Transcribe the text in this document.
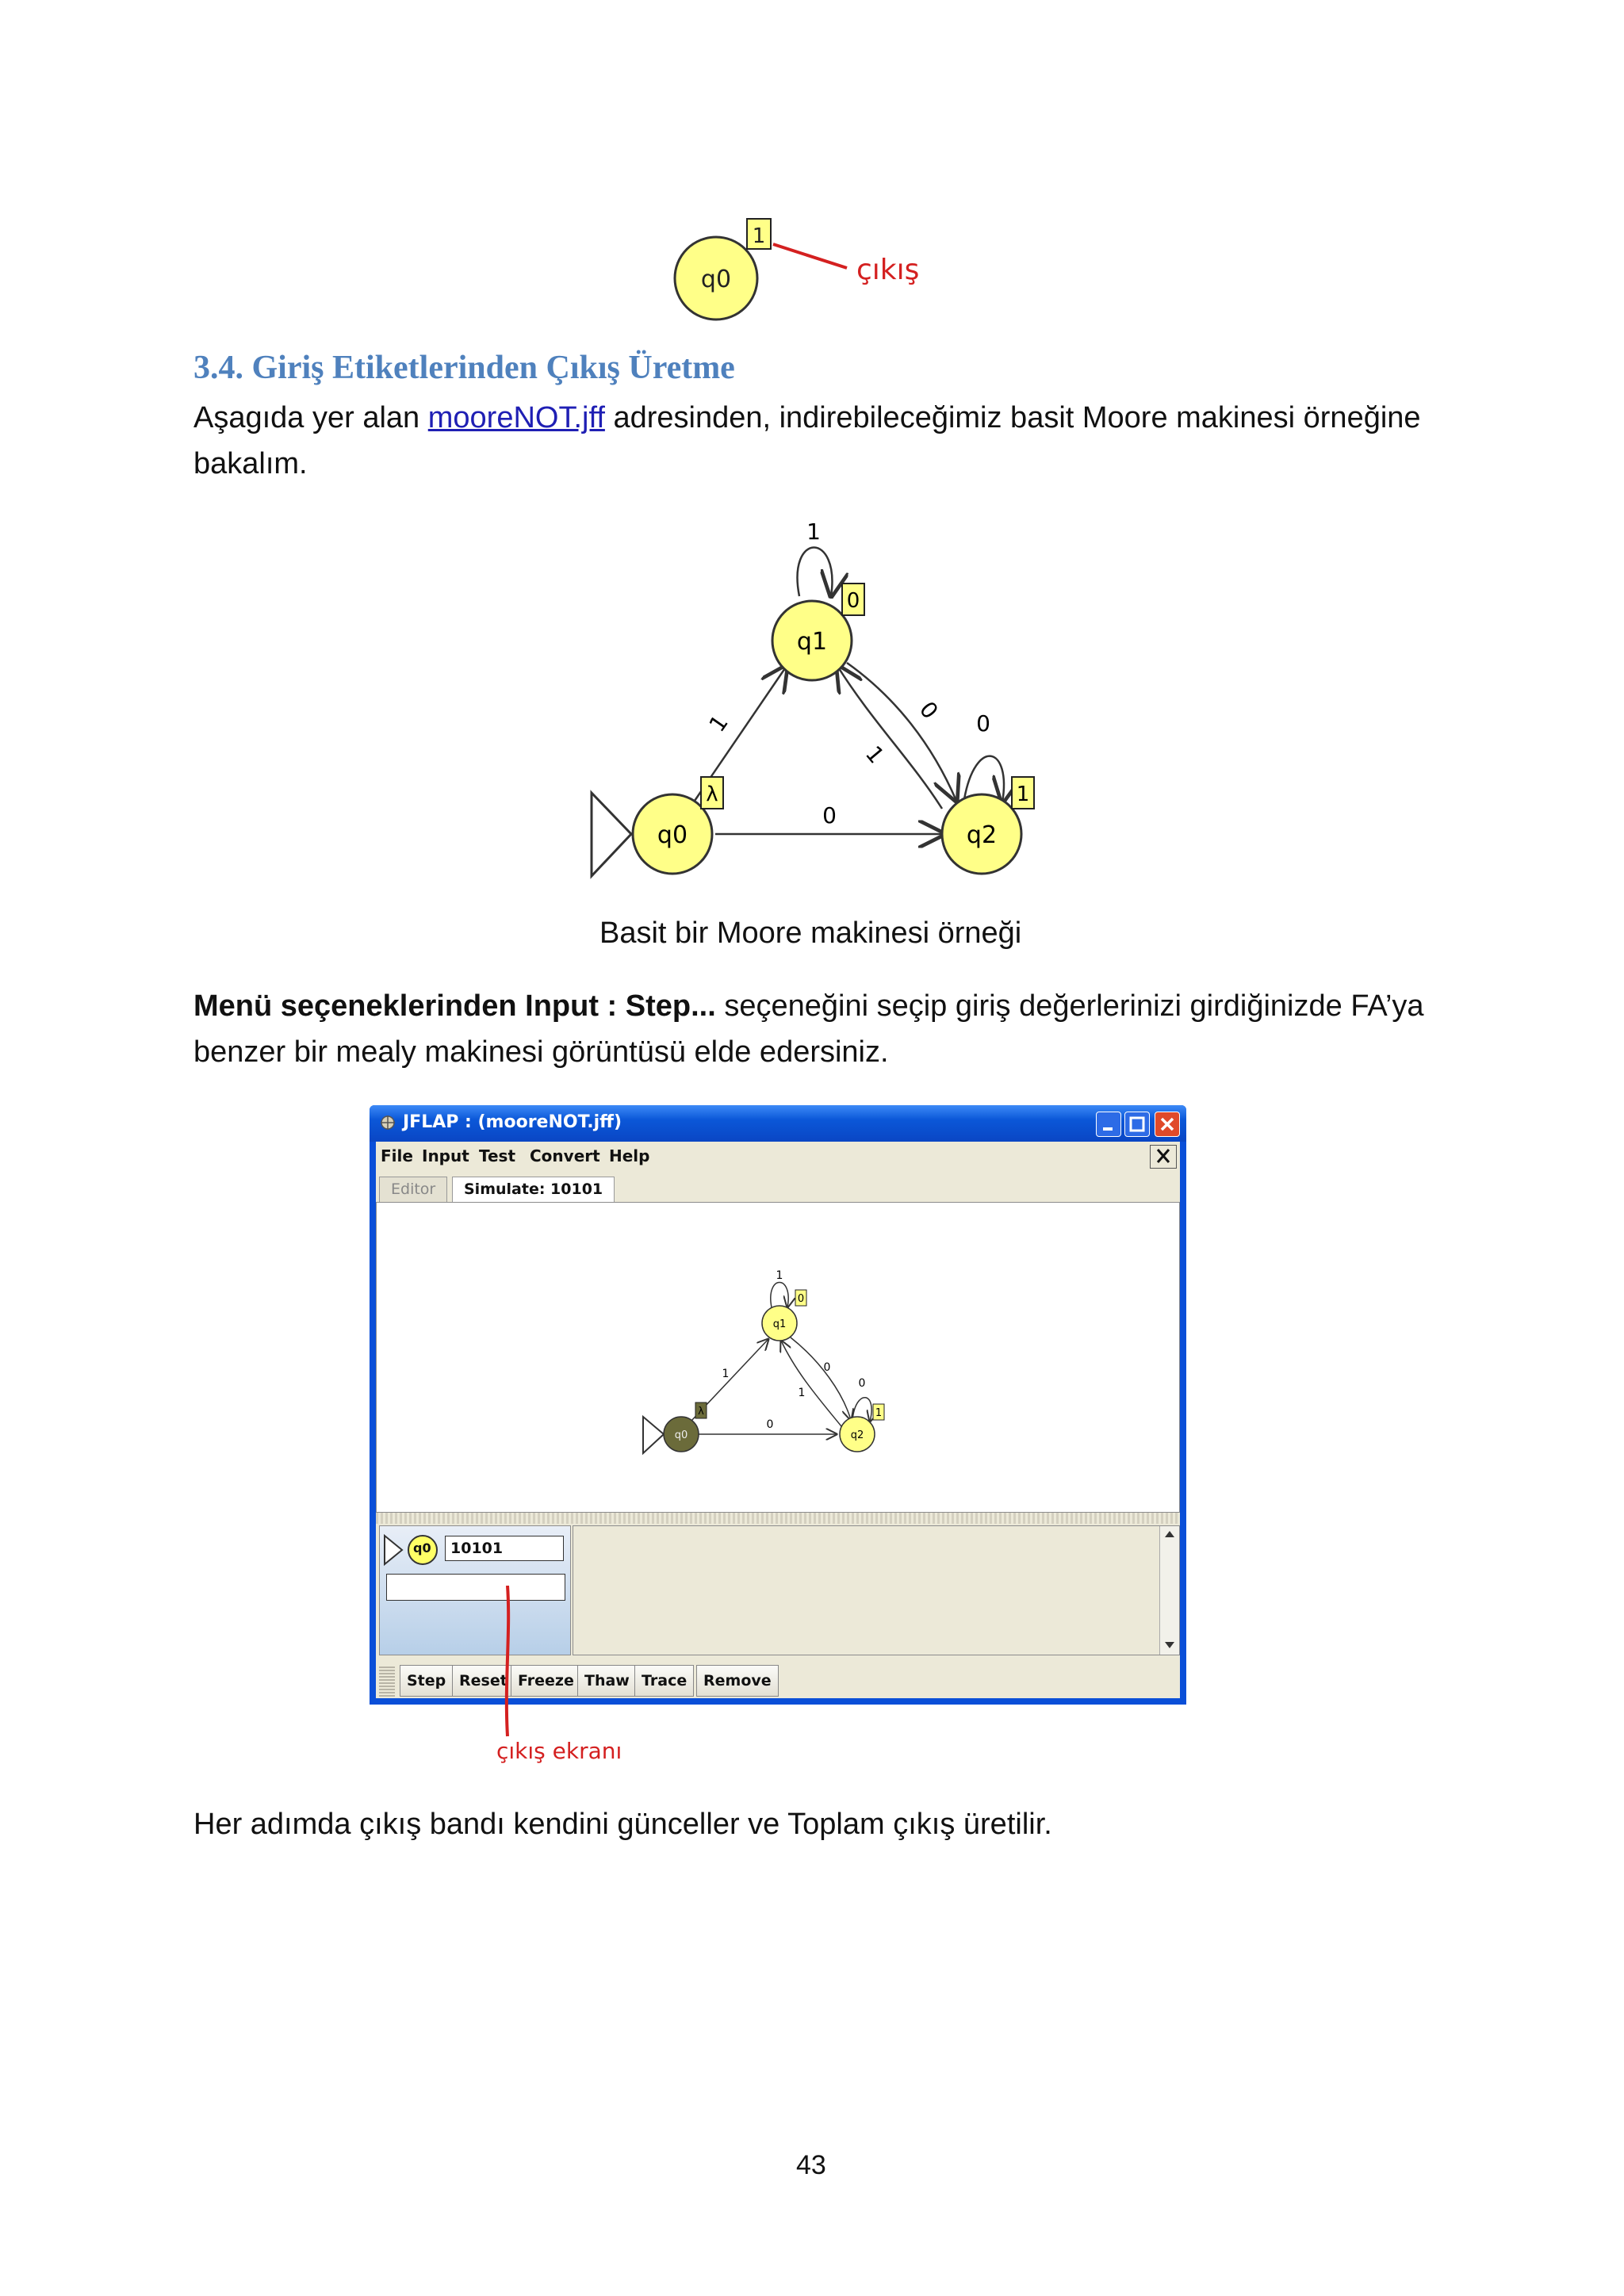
q0
1
çıkış
3.4. Giriş Etiketlerinden Çıkış Üretme
Aşagıda yer alan mooreNOT.jff adresinden, indirebileceğimiz basit Moore makinesi örneğine
bakalım.
1
1
0
0
1
0
q1
0
q0
λ
q2
1
Basit bir Moore makinesi örneği
Menü seçeneklerinden Input : Step... seçeneğini seçip giriş değerlerinizi girdiğinizde FA’ya
benzer bir mealy makinesi görüntüsü elde edersiniz.
JFLAP : (mooreNOT.jff)
File Input Test Convert Help
Editor	Simulate: 10101
1
1
0
0
1
0
q1
0
q0
λ
q2
1
q0	10101
Step Reset Freeze Thaw Trace	Remove
çıkış ekranı
Her adımda çıkış bandı kendini günceller ve Toplam çıkış üretilir.
43
